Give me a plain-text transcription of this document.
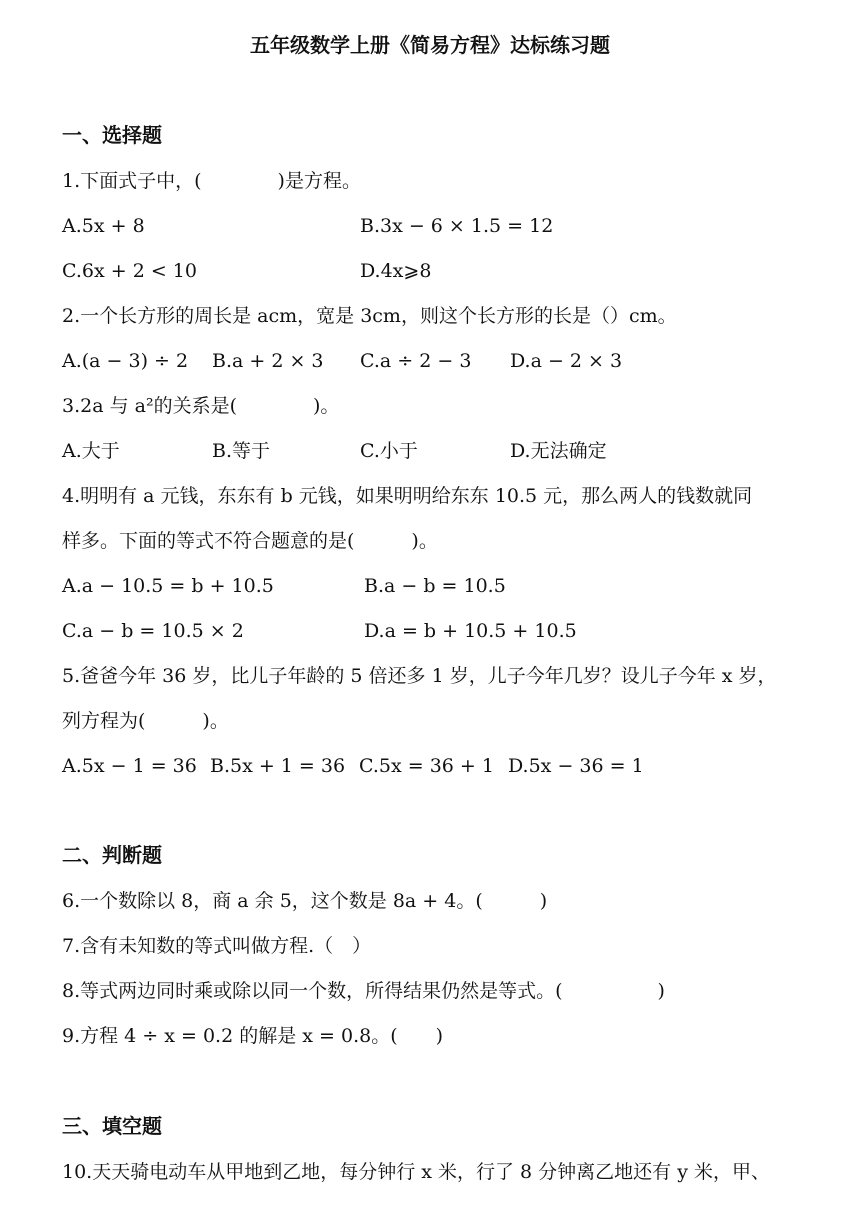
五年级数学上册《简易方程》达标练习题
一、选择题
1.下面式子中，(　　　　)是方程。
A.5x + 8	B.3x − 6 × 1.5 = 12
C.6x + 2 < 10	D.4x⩾8
2.一个长方形的周长是 acm，宽是 3cm，则这个长方形的长是（）cm。
A.(a − 3) ÷ 2 B.a + 2 × 3 C.a ÷ 2 − 3 D.a − 2 × 3
3.2a 与 a²的关系是(　　　　)。
A.大于	B.等于	C.小于	D.无法确定
4.明明有 a 元钱，东东有 b 元钱，如果明明给东东 10.5 元，那么两人的钱数就同
样多。下面的等式不符合题意的是(　　　)。
A.a − 10.5 = b + 10.5	B.a − b = 10.5
C.a − b = 10.5 × 2	D.a = b + 10.5 + 10.5
5.爸爸今年 36 岁，比儿子年龄的 5 倍还多 1 岁，儿子今年几岁？设儿子今年 x 岁，
列方程为(　　　)。
A.5x − 1 = 36 B.5x + 1 = 36 C.5x = 36 + 1 D.5x − 36 = 1
二、判断题
6.一个数除以 8，商 a 余 5，这个数是 8a + 4。(　　　)
7.含有未知数的等式叫做方程.（　）
8.等式两边同时乘或除以同一个数，所得结果仍然是等式。(　　　　　)
9.方程 4 ÷ x = 0.2 的解是 x = 0.8。(　　)
三、填空题
10.天天骑电动车从甲地到乙地，每分钟行 x 米，行了 8 分钟离乙地还有 y 米，甲、
